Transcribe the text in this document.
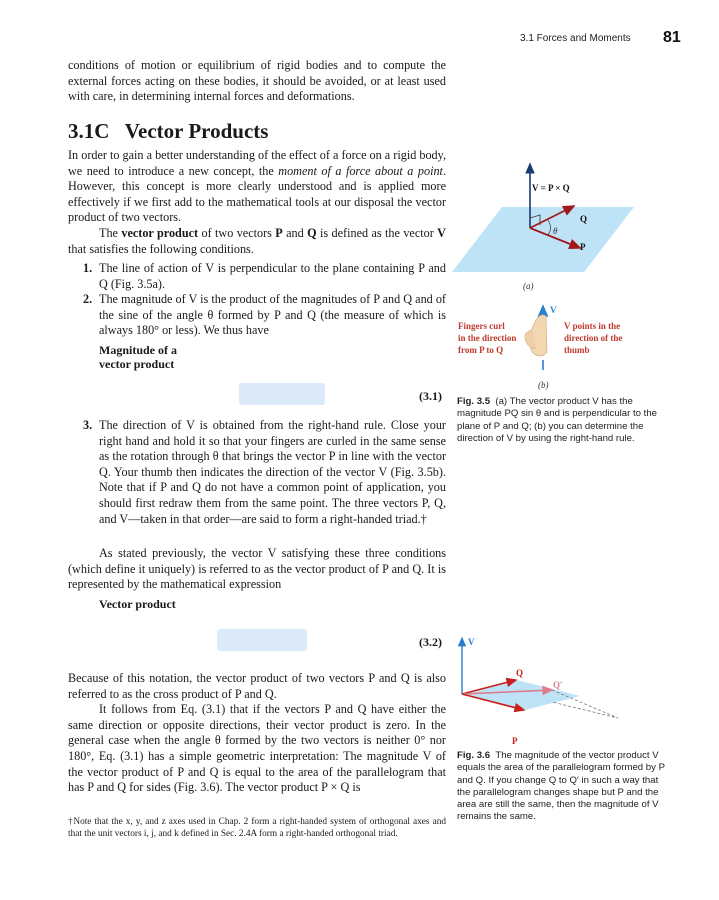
3.1 Forces and Moments 81

conditions of motion or equilibrium of rigid bodies and to compute the external forces acting on these bodies, it should be avoided, or at least used with care, in determining internal forces and deformations.

3.1C   Vector Products

In order to gain a better understanding of the effect of a force on a rigid body, we need to introduce a new concept, the moment of a force about a point. However, this concept is more clearly understood and is applied more effectively if we first add to the mathematical tools at our disposal the vector product of two vectors.

The vector product of two vectors P and Q is defined as the vector V that satisfies the following conditions.

1. The line of action of V is perpendicular to the plane containing P and Q (Fig. 3.5a).
2. The magnitude of V is the product of the magnitudes of P and Q and of the sine of the angle θ formed by P and Q (the measure of which is always 180° or less). We thus have
Magnitude of a vector product
(3.1)
3. The direction of V is obtained from the right-hand rule. Close your right hand and hold it so that your fingers are curled in the same sense as the rotation through θ that brings the vector P in line with the vector Q. Your thumb then indicates the direction of the vector V (Fig. 3.5b). Note that if P and Q do not have a common point of application, you should first redraw them from the same point. The three vectors P, Q, and V—taken in that order—are said to form a right-handed triad.†

As stated previously, the vector V satisfying these three conditions (which define it uniquely) is referred to as the vector product of P and Q. It is represented by the mathematical expression

Vector product
(3.2)

Because of this notation, the vector product of two vectors P and Q is also referred to as the cross product of P and Q.

It follows from Eq. (3.1) that if the vectors P and Q have either the same direction or opposite directions, their vector product is zero. In the general case when the angle θ formed by the two vectors is neither 0° nor 180°, Eq. (3.1) has a simple geometric interpretation: The magnitude V of the vector product of P and Q is equal to the area of the parallelogram that has P and Q for sides (Fig. 3.6). The vector product P × Q is

†Note that the x, y, and z axes used in Chap. 2 form a right-handed system of orthogonal axes and that the unit vectors i, j, and k defined in Sec. 2.4A form a right-handed orthogonal triad.
V = P × Q
Q
P
θ
(a)
V
Fingers curl
in the direction
from P to Q
V points in the
direction of the
thumb
(b)
Fig. 3.5 (a) The vector product V has the magnitude PQ sin θ and is perpendicular to the plane of P and Q; (b) you can determine the direction of V by using the right-hand rule.
V
Q
Q′
P
Fig. 3.6 The magnitude of the vector product V equals the area of the parallelogram formed by P and Q. If you change Q to Q′ in such a way that the parallelogram changes shape but P and the area are still the same, then the magnitude of V remains the same.
